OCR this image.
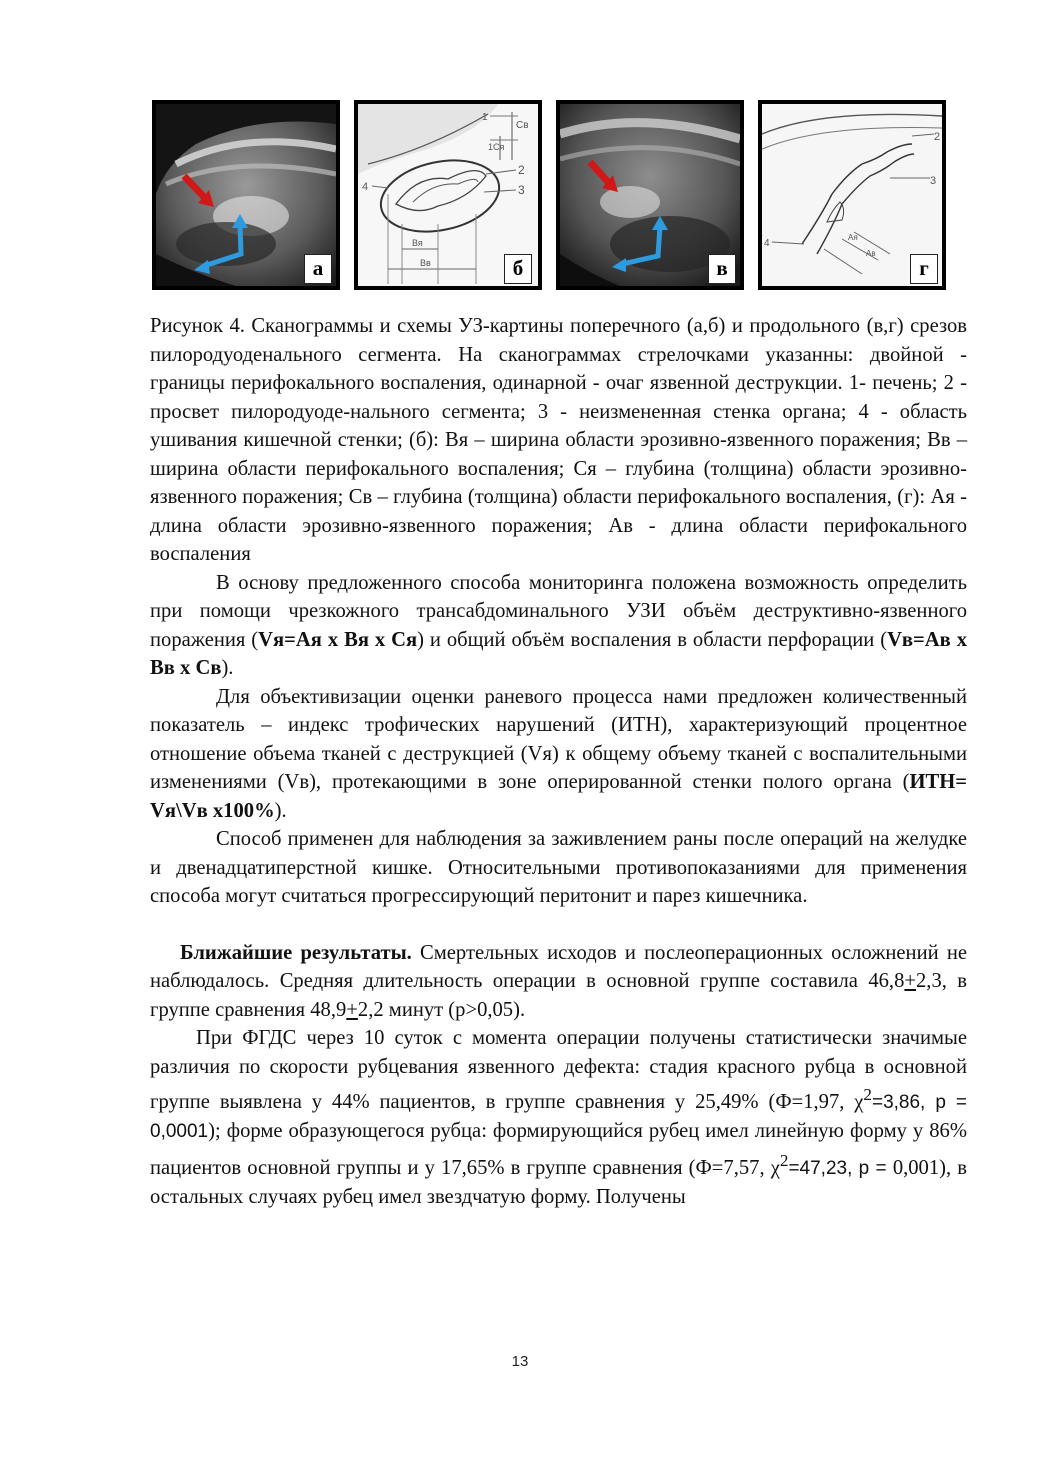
а
1
Св
1Ся
2
3
4
Вя
Вв	б	в
2
3
4
Ая
Ав
г

Рисунок 4. Сканограммы и схемы УЗ-картины поперечного (а,б) и продольного (в,г) срезов пилородуоденального сегмента. На сканограммах стрелочками указанны: двойной - границы перифокального воспаления, одинарной - очаг язвенной деструкции. 1- печень; 2 - просвет пилородуоде-нального сегмента; 3 - неизмененная стенка органа; 4 - область ушивания кишечной стенки; (б): Вя – ширина области эрозивно-язвенного поражения; Вв – ширина области перифокального воспаления; Ся – глубина (толщина) области эрозивно-язвенного поражения; Св – глубина (толщина) области перифокального воспаления, (г): Ая - длина области эрозивно-язвенного поражения; Ав - длина области перифокального воспаления

В основу предложенного способа мониторинга положена возможность определить при помощи чрезкожного трансабдоминального УЗИ объём деструктивно-язвенного поражения (Vя=Ая х Вя х Ся) и общий объём воспаления в области перфорации (Vв=Ав х Вв х Св).

Для объективизации оценки раневого процесса нами предложен количественный показатель – индекс трофических нарушений (ИТН), характеризующий процентное отношение объема тканей с деструкцией (Vя) к общему объему тканей с воспалительными изменениями (Vв), протекающими в зоне оперированной стенки полого органа (ИТН= Vя\Vв х100%).

Способ применен для наблюдения за заживлением раны после операций на желудке и двенадцатиперстной кишке. Относительными противопоказаниями для применения способа могут считаться прогрессирующий перитонит и парез кишечника.

Ближайшие результаты. Смертельных исходов и послеоперационных осложнений не наблюдалось. Средняя длительность операции в основной группе составила 46,8+2,3, в группе сравнения 48,9+2,2 минут (р>0,05).

При ФГДС через 10 суток с момента операции получены статистически значимые различия по скорости рубцевания язвенного дефекта: стадия красного рубца в основной группе выявлена у 44% пациентов, в группе сравнения у 25,49% (Ф=1,97, $\chi^2=3,86$, р = 0,0001); форме образующегося рубца: формирующийся рубец имел линейную форму у 86% пациентов основной группы и у 17,65% в группе сравнения (Ф=7,57, $\chi^2=47,23$, р = 0,001), в остальных случаях рубец имел звездчатую форму. Получены

13
